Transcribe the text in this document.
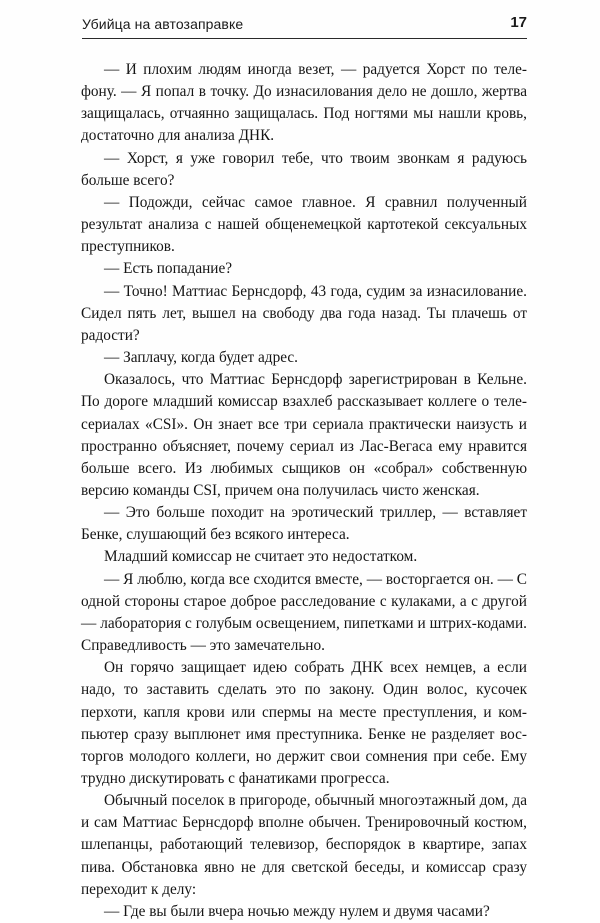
Убийца на автозаправке	17

— И плохим людям иногда везет, — радуется Хорст по телефону. — Я попал в точку. До изнасилования дело не дошло, жертва защищалась, отчаянно защищалась. Под ногтями мы нашли кровь, достаточно для анализа ДНК.

— Хорст, я уже говорил тебе, что твоим звонкам я радуюсь больше всего?

— Подожди, сейчас самое главное. Я сравнил полученный результат анализа с нашей общенемецкой картотекой сексуальных преступников.

— Есть попадание?

— Точно! Маттиас Бернсдорф, 43 года, судим за изнасилование. Сидел пять лет, вышел на свободу два года назад. Ты плачешь от радости?

— Заплачу, когда будет адрес.

Оказалось, что Маттиас Бернсдорф зарегистрирован в Кельне. По дороге младший комиссар взахлеб рассказывает коллеге о телесериалах «CSI». Он знает все три сериала практически наизусть и пространно объясняет, почему сериал из Лас-Вегаса ему нравится больше всего. Из любимых сыщиков он «собрал» собственную версию команды CSI, причем она получилась чисто женская.

— Это больше походит на эротический триллер, — вставляет Бенке, слушающий без всякого интереса.

Младший комиссар не считает это недостатком.

— Я люблю, когда все сходится вместе, — восторгается он. — С одной стороны старое доброе расследование с кулаками, а с другой — лаборатория с голубым освещением, пипетками и штрих-кодами. Справедливость — это замечательно.

Он горячо защищает идею собрать ДНК всех немцев, а если надо, то заставить сделать это по закону. Один волос, кусочек перхоти, капля крови или спермы на месте преступления, и компьютер сразу выплюнет имя преступника. Бенке не разделяет восторгов молодого коллеги, но держит свои сомнения при себе. Ему трудно дискутировать с фанатиками прогресса.

Обычный поселок в пригороде, обычный многоэтажный дом, да и сам Маттиас Бернсдорф вполне обычен. Тренировочный костюм, шлепанцы, работающий телевизор, беспорядок в квартире, запах пива. Обстановка явно не для светской беседы, и комиссар сразу переходит к делу:

— Где вы были вчера ночью между нулем и двумя часами?
